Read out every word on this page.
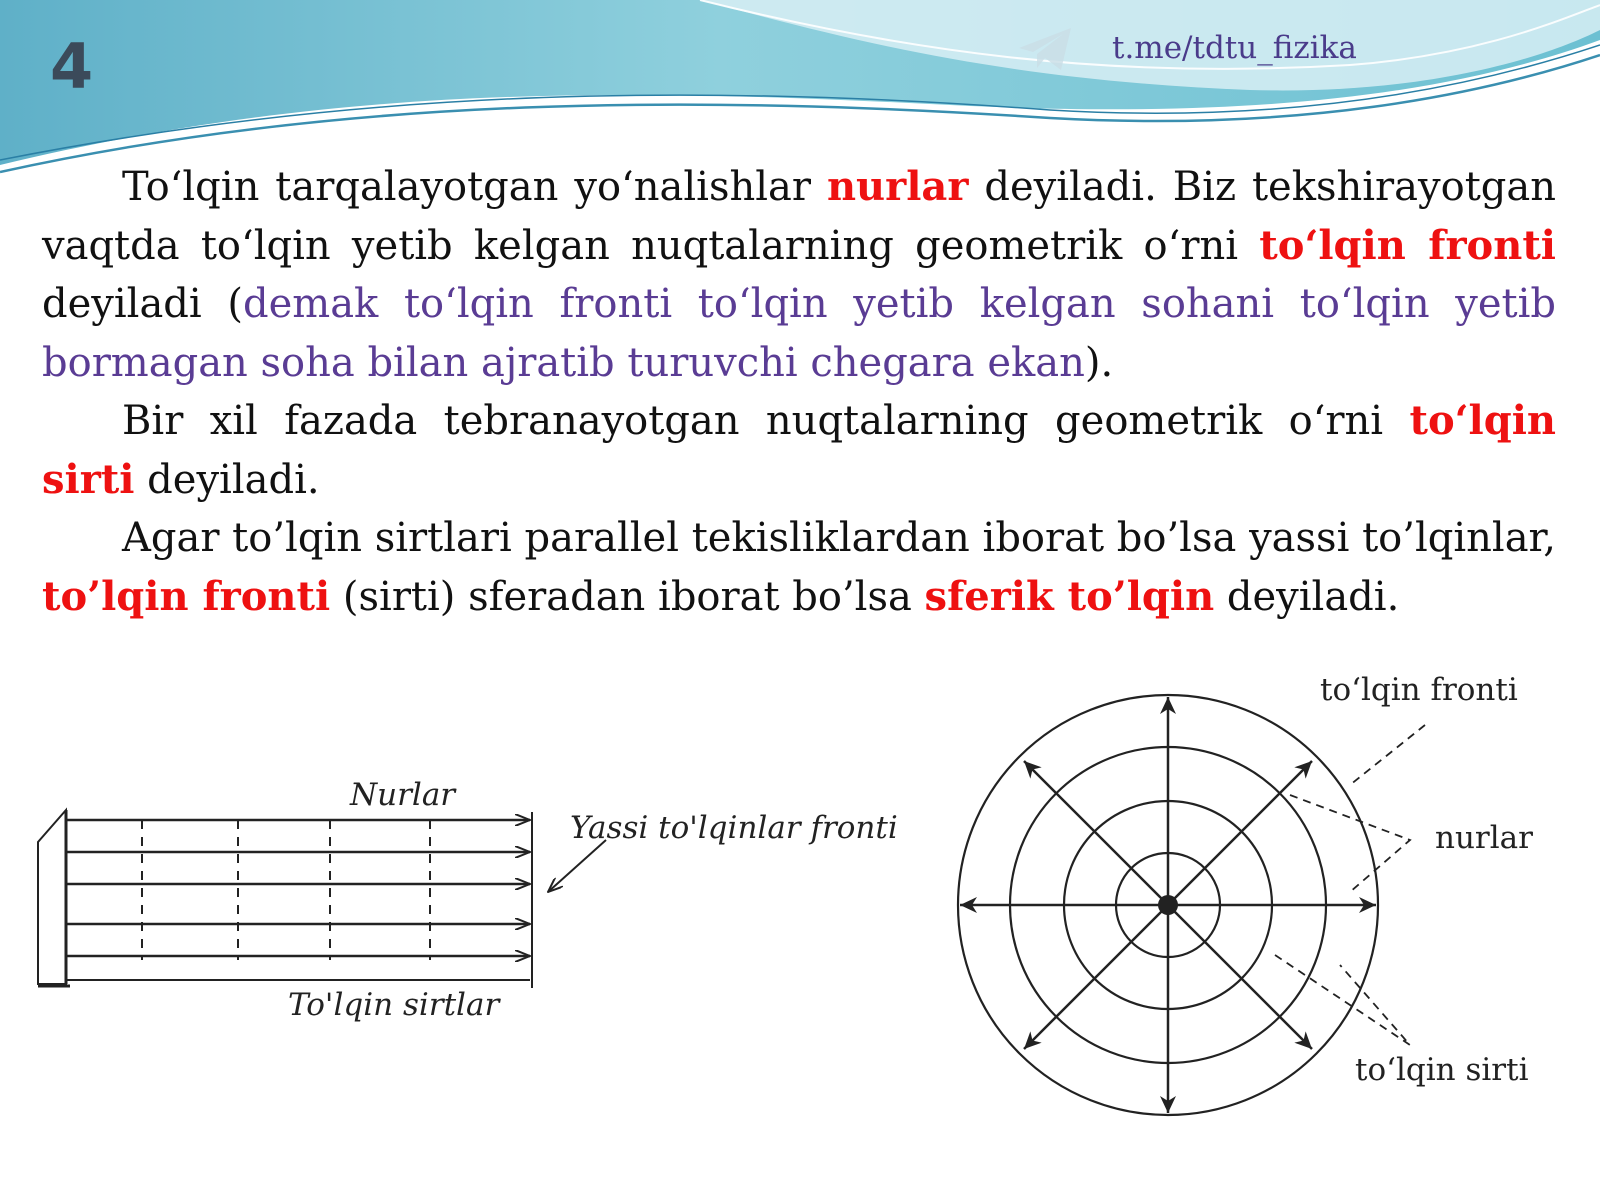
4	t.me/tdtu_fizika

To‘lqin tarqalayotgan yo‘nalishlar nurlar deyiladi. Biz tekshirayotgan vaqtda to‘lqin yetib kelgan nuqtalarning geometrik o‘rni to‘lqin fronti deyiladi (demak to‘lqin fronti to‘lqin yetib kelgan sohani to‘lqin yetib bormagan soha bilan ajratib turuvchi chegara ekan).

Bir xil fazada tebranayotgan nuqtalarning geometrik o‘rni to‘lqin sirti deyiladi.

Agar to’lqin sirtlari parallel tekisliklardan iborat bo’lsa yassi to’lqinlar, to’lqin fronti (sirti) sferadan iborat bo’lsa sferik to’lqin deyiladi.

Nurlar
Yassi to'lqinlar fronti
To'lqin sirtlar
to‘lqin fronti
nurlar
to‘lqin sirti
